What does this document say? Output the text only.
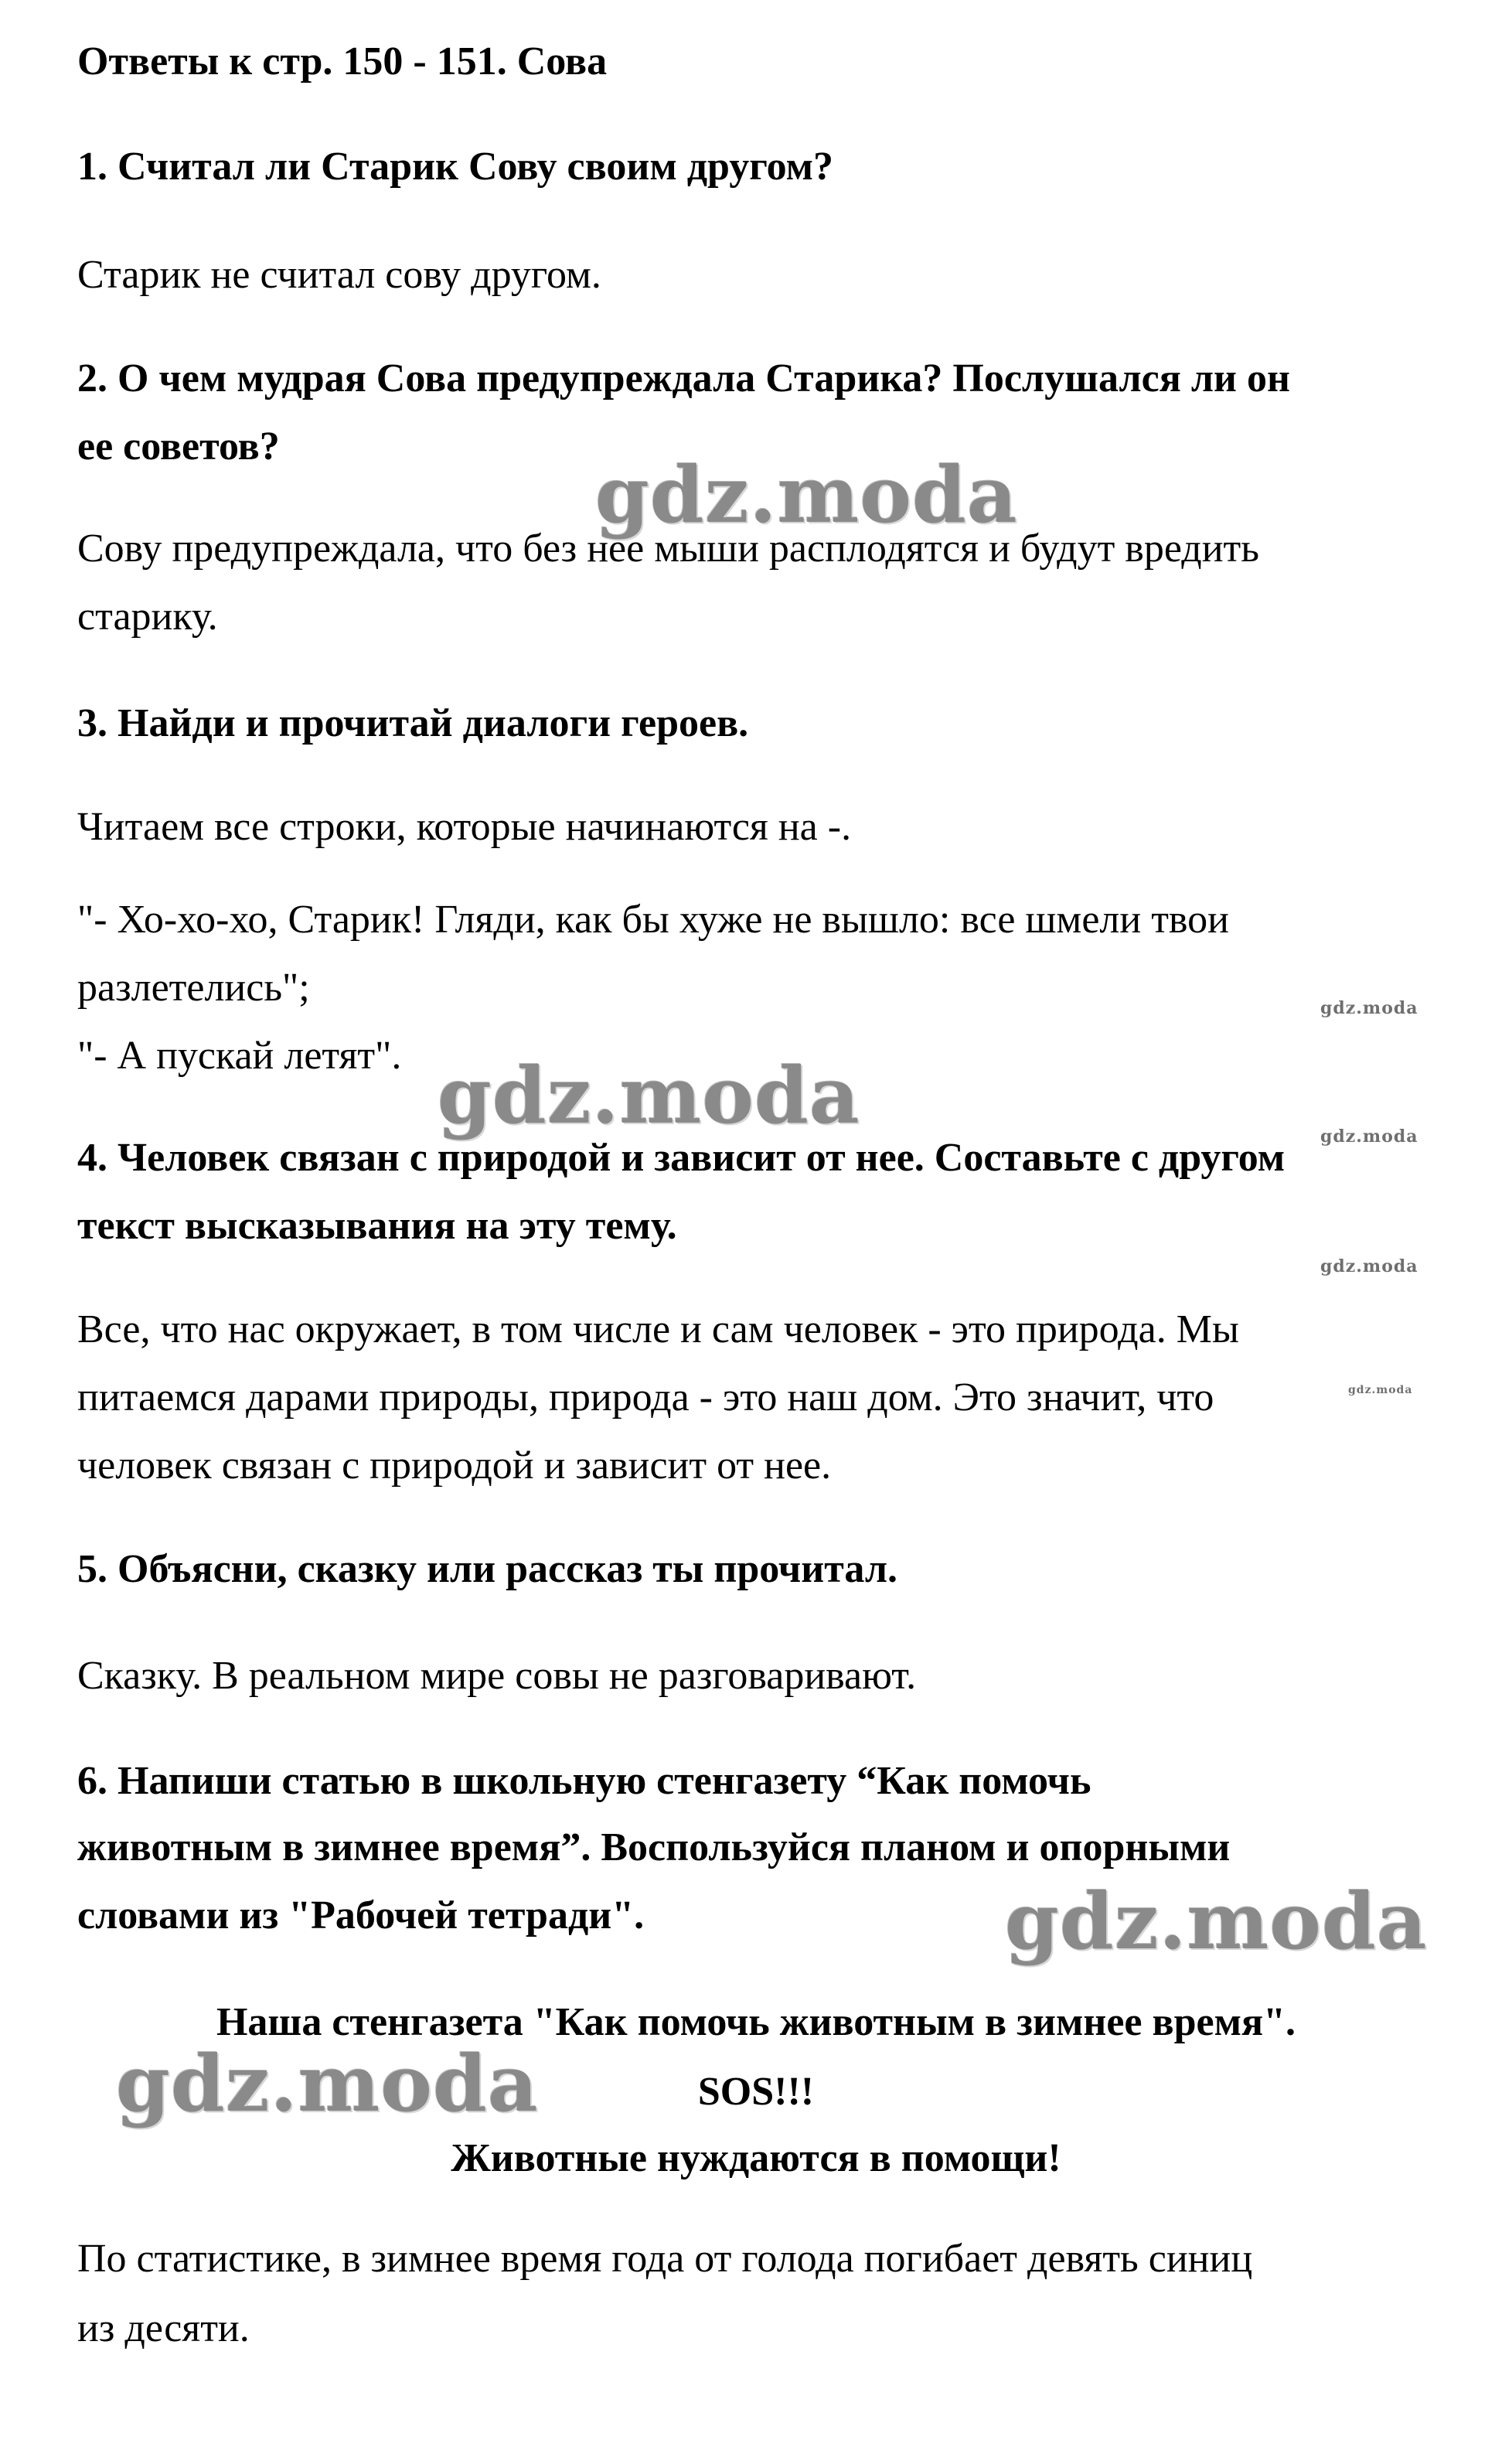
Ответы к стр. 150 - 151. Сова
1. Считал ли Старик Сову своим другом?
Старик не считал сову другом.
2. О чем мудрая Сова предупреждала Старика? Послушался ли он
ее советов?
Сову предупреждала, что без нее мыши расплодятся и будут вредить
старику.
3. Найди и прочитай диалоги героев.
Читаем все строки, которые начинаются на -.
"- Хо-хо-хо, Старик! Гляди, как бы хуже не вышло: все шмели твои
разлетелись";
"- А пускай летят".
4. Человек связан с природой и зависит от нее. Составьте с другом
текст высказывания на эту тему.
Все, что нас окружает, в том числе и сам человек - это природа. Мы
питаемся дарами природы, природа - это наш дом. Это значит, что
человек связан с природой и зависит от нее.
5. Объясни, сказку или рассказ ты прочитал.
Сказку. В реальном мире совы не разговаривают.
6. Напиши статью в школьную стенгазету “Как помочь
животным в зимнее время”. Воспользуйся планом и опорными
словами из "Рабочей тетради".
Наша стенгазета "Как помочь животным в зимнее время".
SOS!!!
Животные нуждаются в помощи!
По статистике, в зимнее время года от голода погибает девять синиц
из десяти.
gdz.moda
gdz.moda
gdz.moda
gdz.moda
gdz.moda
gdz.moda
gdz.moda
gdz.moda
